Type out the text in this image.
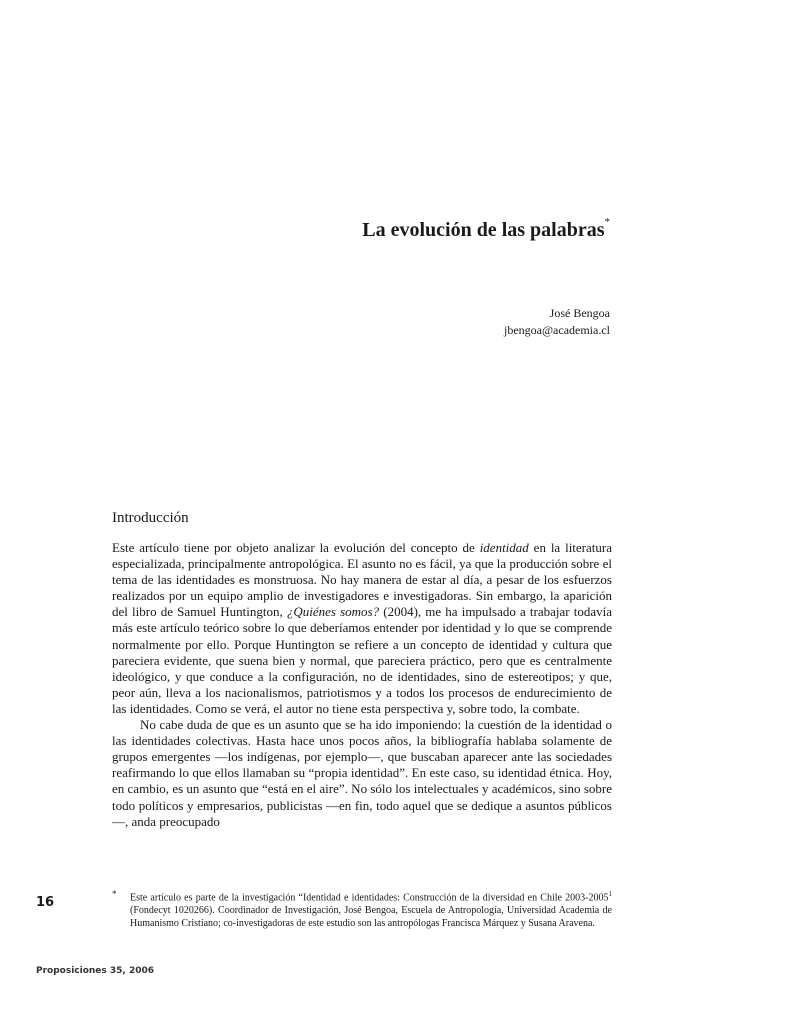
La evolución de las palabras*
José Bengoa
jbengoa@academia.cl
Introducción

Este artículo tiene por objeto analizar la evolución del concepto de identidad en la literatura especializada, principalmente antropológica. El asunto no es fácil, ya que la producción sobre el tema de las identidades es monstruosa. No hay manera de estar al día, a pesar de los esfuerzos realizados por un equipo amplio de investigadores e investigadoras. Sin embargo, la aparición del libro de Samuel Huntington, ¿Quiénes somos? (2004), me ha impulsado a trabajar todavía más este artículo teórico sobre lo que deberíamos entender por identidad y lo que se comprende normalmente por ello. Porque Huntington se refiere a un concepto de identidad y cultura que pareciera evidente, que suena bien y normal, que pareciera práctico, pero que es centralmente ideológico, y que conduce a la configuración, no de identidades, sino de estereotipos; y que, peor aún, lleva a los nacionalismos, patriotismos y a todos los procesos de endurecimiento de las identidades. Como se verá, el autor no tiene esta perspectiva y, sobre todo, la combate.

No cabe duda de que es un asunto que se ha ido imponiendo: la cuestión de la identidad o las identidades colectivas. Hasta hace unos pocos años, la bibliografía hablaba solamente de grupos emergentes —los indígenas, por ejemplo—, que buscaban aparecer ante las sociedades reafirmando lo que ellos llamaban su “propia identidad”. En este caso, su identidad étnica. Hoy, en cambio, es un asunto que “está en el aire”. No sólo los intelectuales y académicos, sino sobre todo políticos y empresarios, publicistas —en fin, todo aquel que se dedique a asuntos públicos—, anda preocupado

16
* Este artículo es parte de la investigación “Identidad e identidades: Construcción de la diversidad en Chile 2003-2005$^1$ (Fondecyt 1020266). Coordinador de Investigación, José Bengoa, Escuela de Antropología, Universidad Academia de Humanismo Cristiano; co-investigadoras de este estudio son las antropólogas Francisca Márquez y Susana Aravena.
Proposiciones 35, 2006
